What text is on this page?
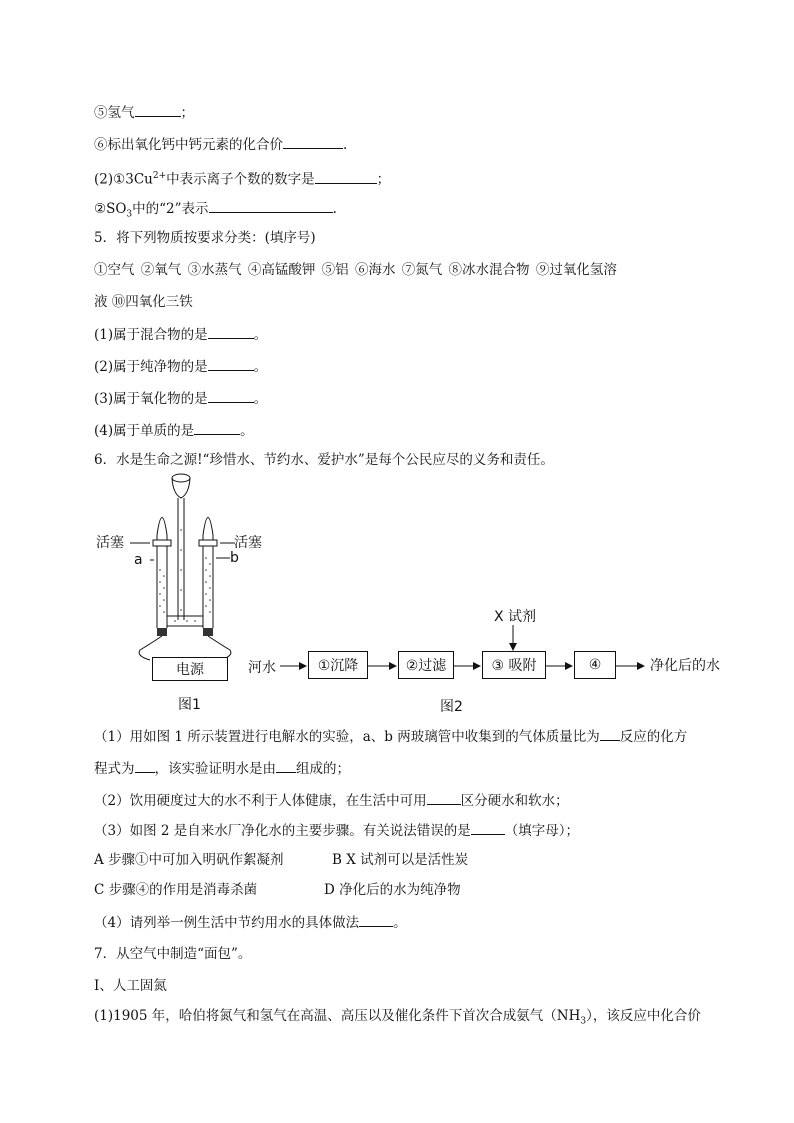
⑤氢气	；
⑥标出氧化钙中钙元素的化合价	.
$(2)①3Cu^{2+}$中表示离子个数的数字是	；
$②SO_3$中的“2”表示	.
5．将下列物质按要求分类：(填序号)
①空气 ②氧气 ③水蒸气 ④高锰酸钾 ⑤铝 ⑥海水 ⑦氮气 ⑧冰水混合物 ⑨过氧化氢溶
液 ⑩四氧化三铁
(1)属于混合物的是	。
(2)属于纯净物的是	。
(3)属于氧化物的是	。
(4)属于单质的是	。
6．水是生命之源!“珍惜水、节约水、爱护水”是每个公民应尽的义务和责任。
活塞	活塞
a	b
电源
图1
X 试剂
河水	①沉降	②过滤	③ 吸附	④	净化后的水
图2
（1）用如图 1 所示装置进行电解水的实验，a、b 两玻璃管中收集到的气体质量比为 反应的化方
程式为 ，该实验证明水是由 组成的；
（2）饮用硬度过大的水不利于人体健康，在生活中可用	区分硬水和软水；
（3）如图 2 是自来水厂净化水的主要步骤。有关说法错误的是	（填字母）；
A 步骤①中可加入明矾作絮凝剂	B X 试剂可以是活性炭
C 步骤④的作用是消毒杀菌	D 净化后的水为纯净物
（4）请列举一例生活中节约用水的具体做法	。
7．从空气中制造“面包”。
I、人工固氮
(1)1905 年，哈伯将氮气和氢气在高温、高压以及催化条件下首次合成氨气$(NH_3)$，该反应中化合价
